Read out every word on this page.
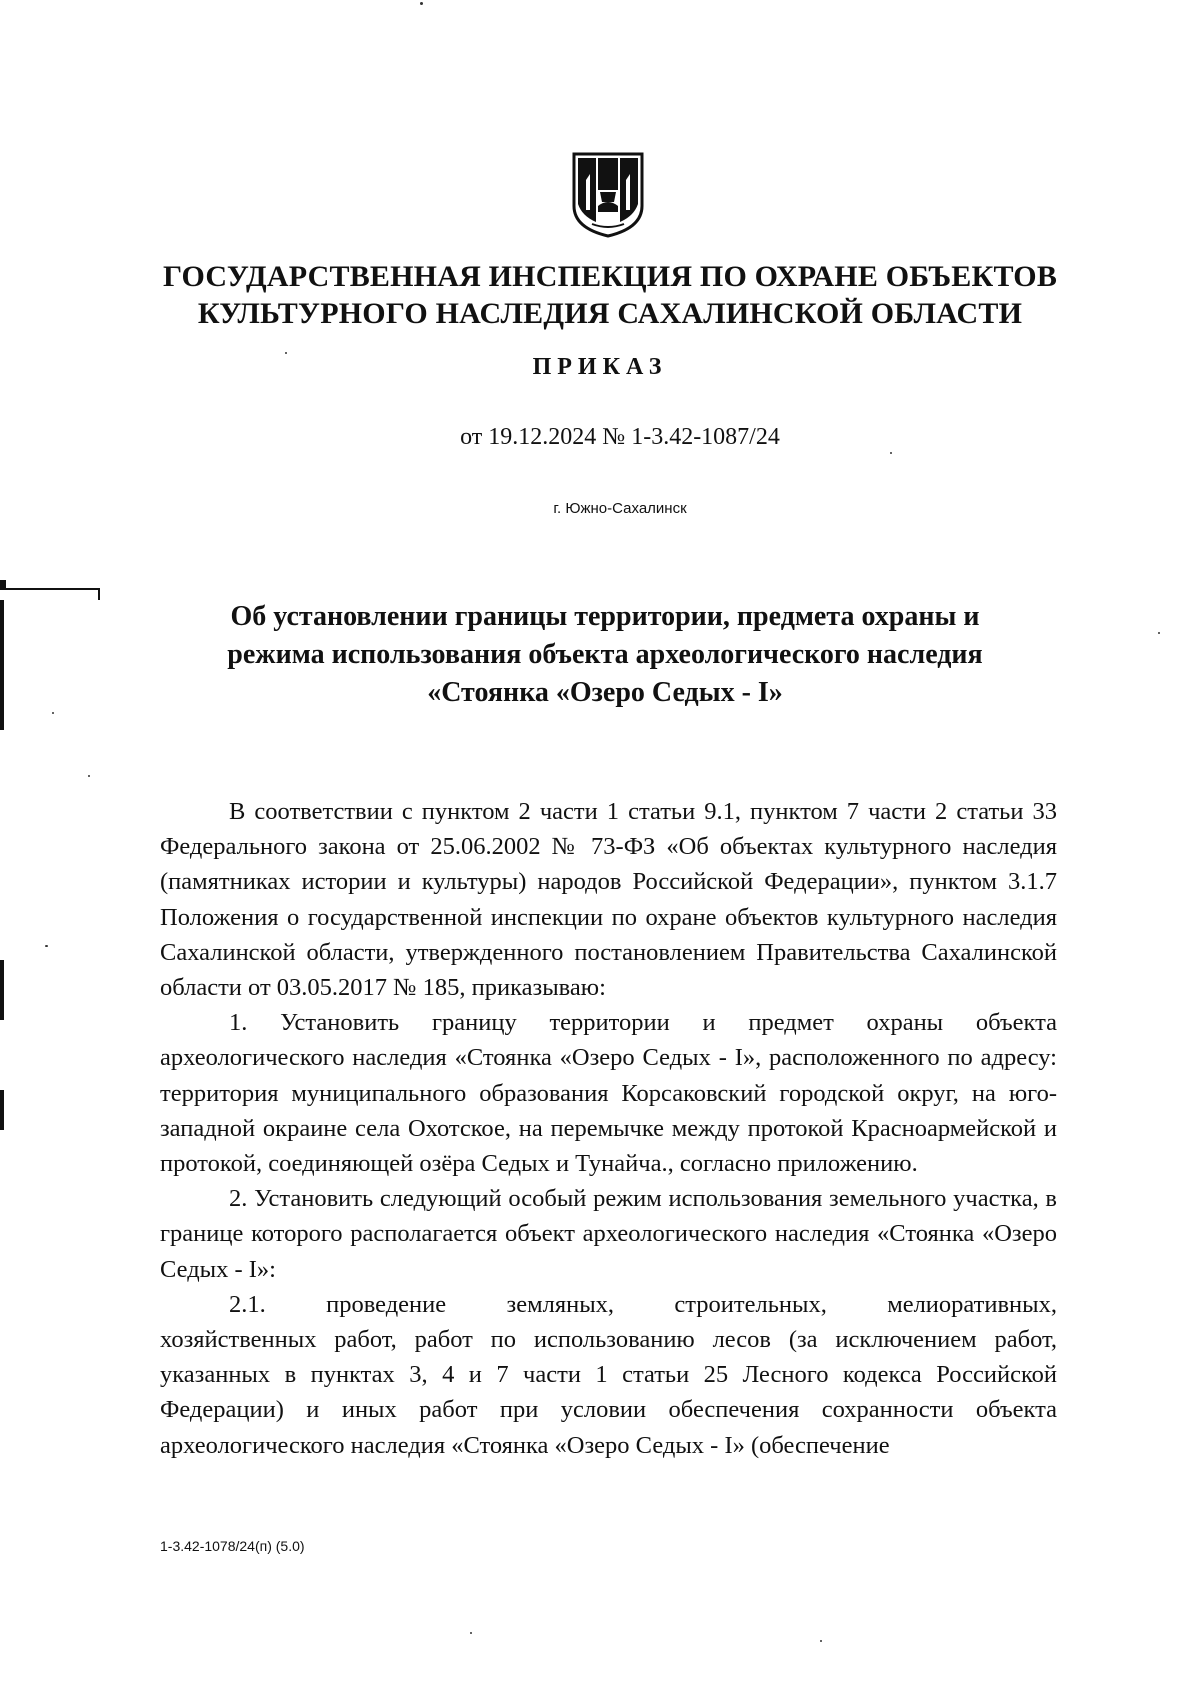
ГОСУДАРСТВЕННАЯ ИНСПЕКЦИЯ ПО ОХРАНЕ ОБЪЕКТОВ
КУЛЬТУРНОГО НАСЛЕДИЯ САХАЛИНСКОЙ ОБЛАСТИ
ПРИКАЗ

от 19.12.2024 № 1-3.42-1087/24

г. Южно-Сахалинск

Об установлении границы территории, предмета охраны и
режима использования объекта археологического наследия
«Стоянка «Озеро Седых - I»

В соответствии с пунктом 2 части 1 статьи 9.1, пунктом 7 части 2 статьи 33 Федерального закона от 25.06.2002 № 73-ФЗ «Об объектах культурного наследия (памятниках истории и культуры) народов Российской Федерации», пунктом 3.1.7 Положения о государственной инспекции по охране объектов культурного наследия Сахалинской области, утвержденного постановлением Правительства Сахалинской области от 03.05.2017 № 185, приказываю:

1. Установить границу территории и предмет охраны объекта археологического наследия «Стоянка «Озеро Седых - I», расположенного по адресу: территория муниципального образования Корсаковский городской округ, на юго-западной окраине села Охотское, на перемычке между протокой Красноармейской и протокой, соединяющей озёра Седых и Тунайча., согласно приложению.

2. Установить следующий особый режим использования земельного участка, в границе которого располагается объект археологического наследия «Стоянка «Озеро Седых - I»:

2.1. проведение земляных, строительных, мелиоративных,

хозяйственных работ, работ по использованию лесов (за исключением работ, указанных в пунктах 3, 4 и 7 части 1 статьи 25 Лесного кодекса Российской Федерации) и иных работ при условии обеспечения сохранности объекта археологического наследия «Стоянка «Озеро Седых - I» (обеспечение

1-3.42-1078/24(п) (5.0)
